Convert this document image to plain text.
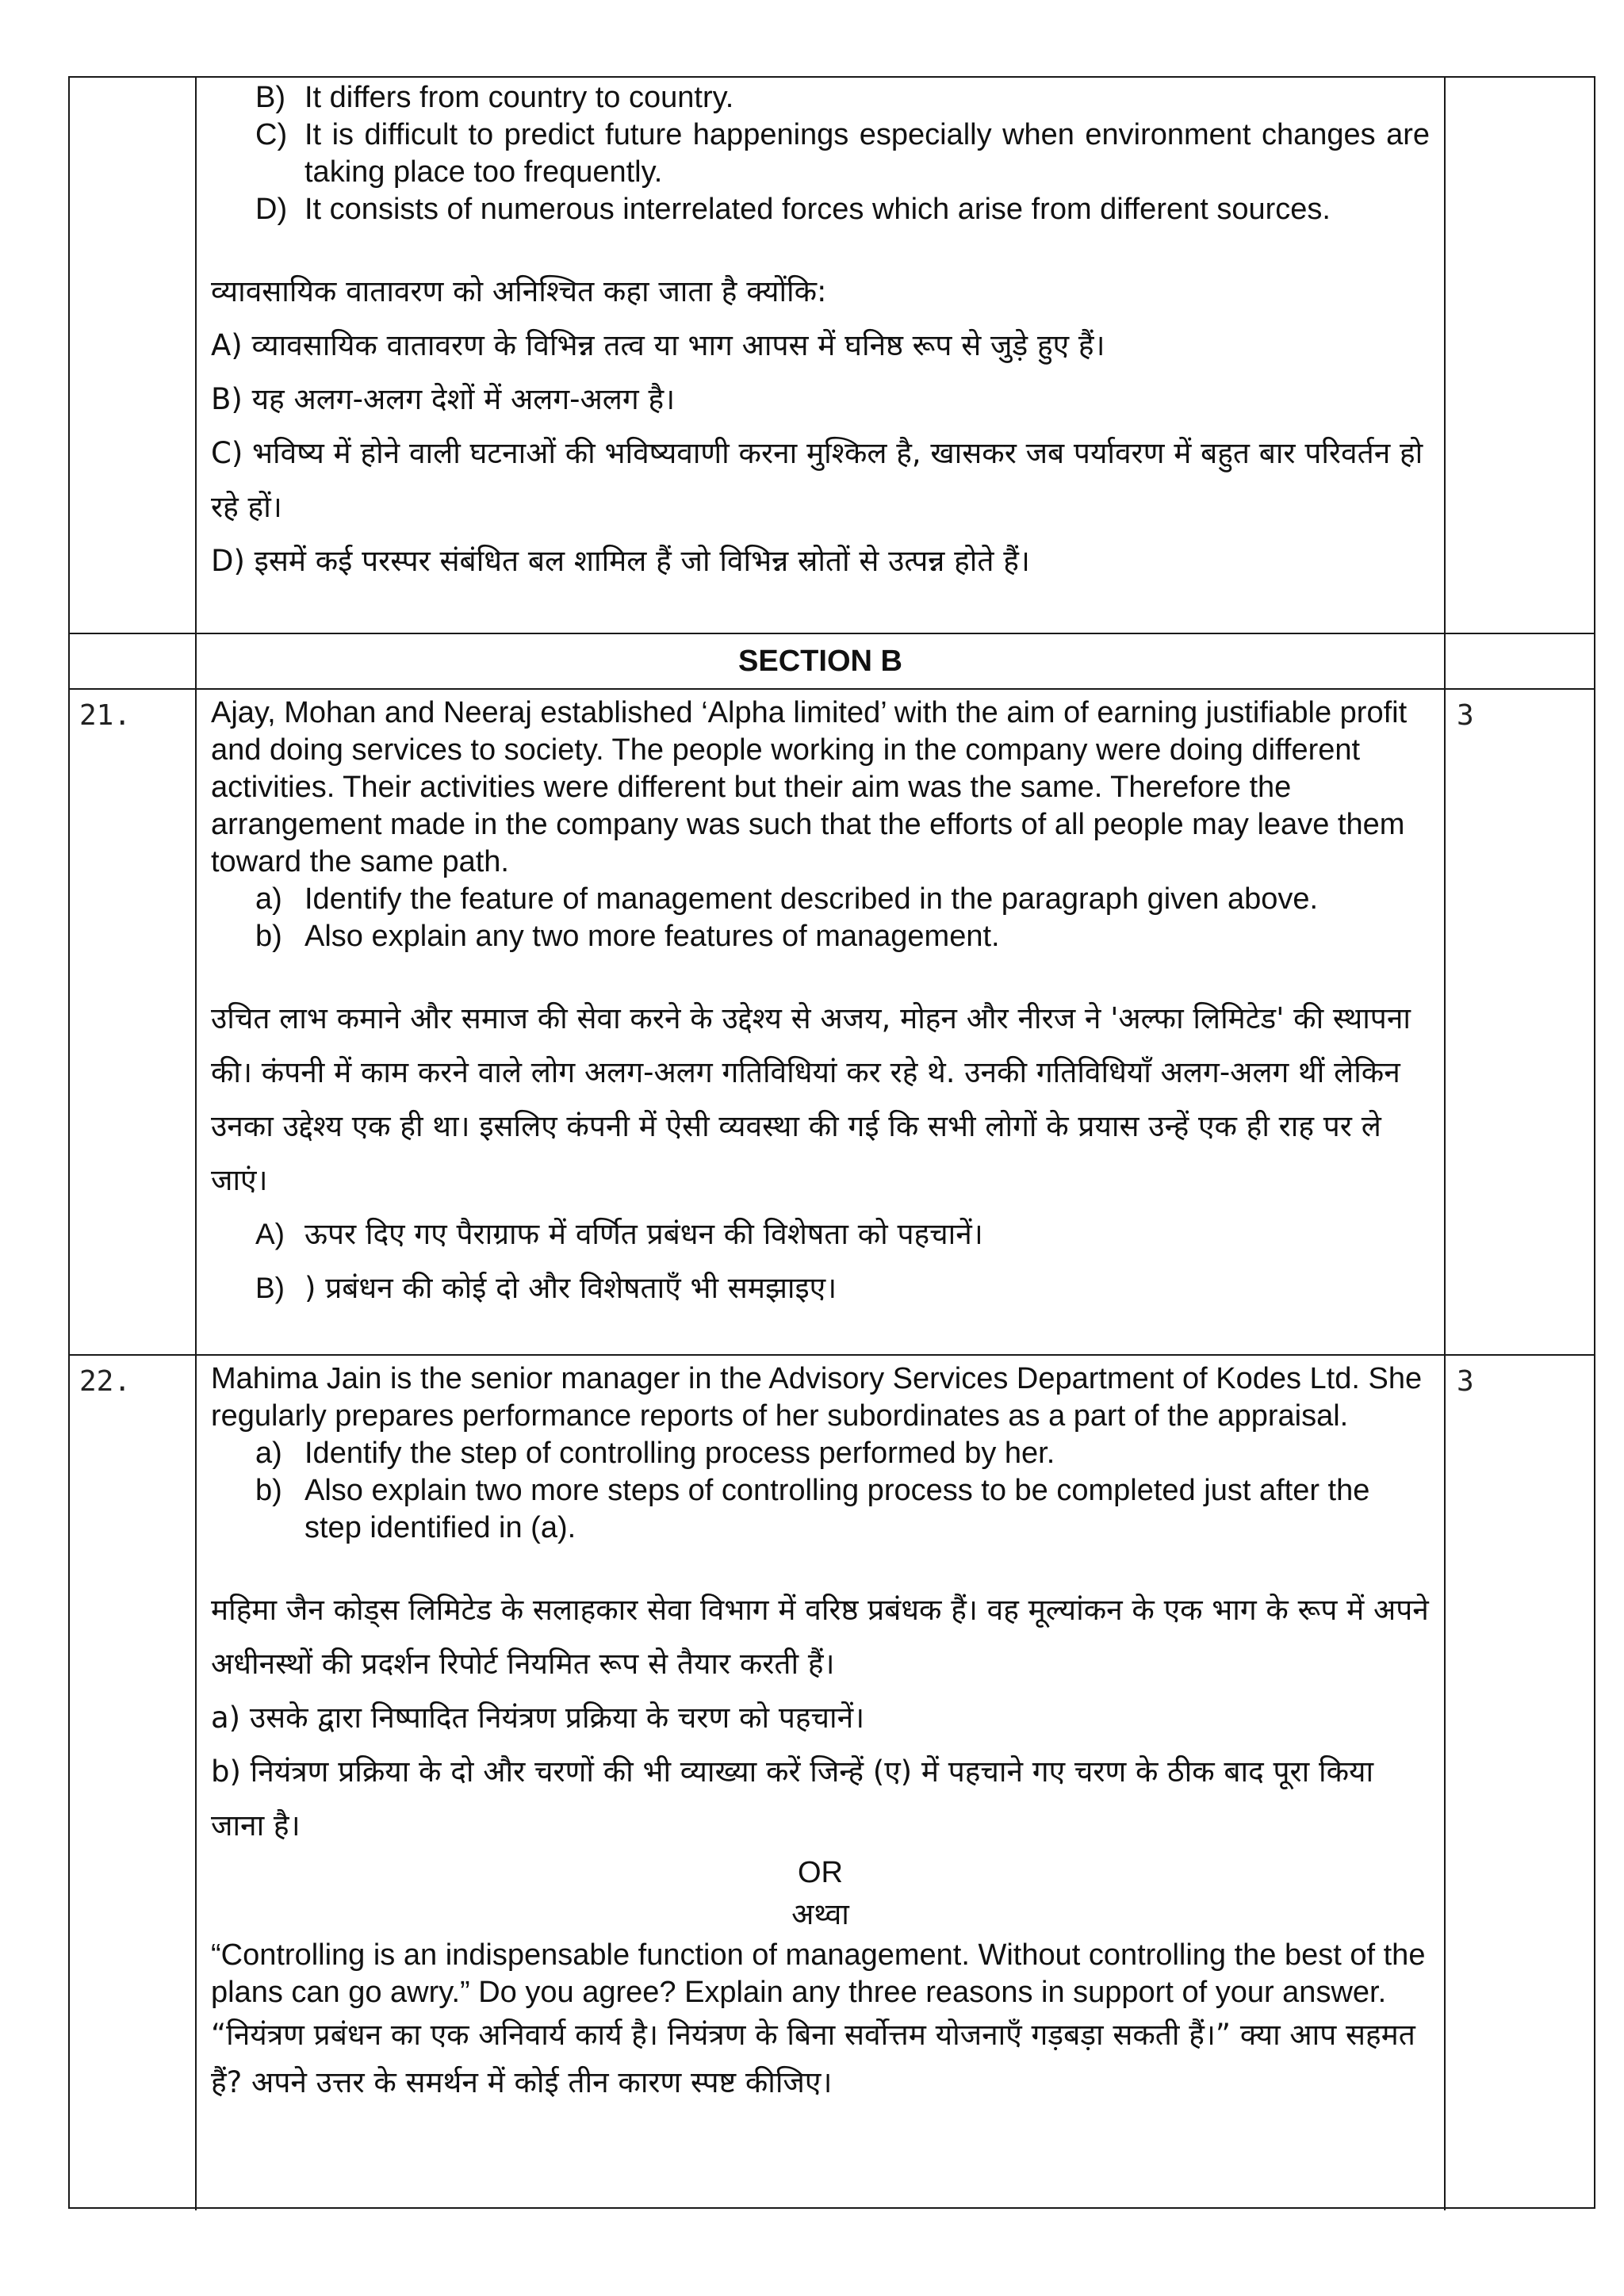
B) It differs from country to country.
C) It is difficult to predict future happenings especially when environment changes are taking place too frequently.
D) It consists of numerous interrelated forces which arise from different sources.

व्यावसायिक वातावरण को अनिश्चित कहा जाता है क्योंकि:

A) व्यावसायिक वातावरण के विभिन्न तत्व या भाग आपस में घनिष्ठ रूप से जुड़े हुए हैं।

B) यह अलग-अलग देशों में अलग-अलग है।

C) भविष्य में होने वाली घटनाओं की भविष्यवाणी करना मुश्किल है, खासकर जब पर्यावरण में बहुत बार परिवर्तन हो रहे हों।

D) इसमें कई परस्पर संबंधित बल शामिल हैं जो विभिन्न स्रोतों से उत्पन्न होते हैं।

SECTION B
21.	Ajay, Mohan and Neeraj established ‘Alpha limited’ with the aim of earning justifiable profit and doing services to society. The people working in the company were doing different activities. Their activities were different but their aim was the same. Therefore the arrangement made in the company was such that the efforts of all people may leave them toward the same path.

a) Identify the feature of management described in the paragraph given above.
b) Also explain any two more features of management.

उचित लाभ कमाने और समाज की सेवा करने के उद्देश्य से अजय, मोहन और नीरज ने 'अल्फा लिमिटेड' की स्थापना की। कंपनी में काम करने वाले लोग अलग-अलग गतिविधियां कर रहे थे. उनकी गतिविधियाँ अलग-अलग थीं लेकिन उनका उद्देश्य एक ही था। इसलिए कंपनी में ऐसी व्यवस्था की गई कि सभी लोगों के प्रयास उन्हें एक ही राह पर ले जाएं।

A) ऊपर दिए गए पैराग्राफ में वर्णित प्रबंधन की विशेषता को पहचानें।
B) ) प्रबंधन की कोई दो और विशेषताएँ भी समझाइए।
3
22.	Mahima Jain is the senior manager in the Advisory Services Department of Kodes Ltd. She regularly prepares performance reports of her subordinates as a part of the appraisal.

a) Identify the step of controlling process performed by her.
b) Also explain two more steps of controlling process to be completed just after the step identified in (a).

महिमा जैन कोड्स लिमिटेड के सलाहकार सेवा विभाग में वरिष्ठ प्रबंधक हैं। वह मूल्यांकन के एक भाग के रूप में अपने अधीनस्थों की प्रदर्शन रिपोर्ट नियमित रूप से तैयार करती हैं।

a) उसके द्वारा निष्पादित नियंत्रण प्रक्रिया के चरण को पहचानें।

b) नियंत्रण प्रक्रिया के दो और चरणों की भी व्याख्या करें जिन्हें (ए) में पहचाने गए चरण के ठीक बाद पूरा किया जाना है।

OR

अथ्वा

“Controlling is an indispensable function of management. Without controlling the best of the plans can go awry.” Do you agree? Explain any three reasons in support of your answer.

“नियंत्रण प्रबंधन का एक अनिवार्य कार्य है। नियंत्रण के बिना सर्वोत्तम योजनाएँ गड़बड़ा सकती हैं।” क्या आप सहमत हैं? अपने उत्तर के समर्थन में कोई तीन कारण स्पष्ट कीजिए।

3
